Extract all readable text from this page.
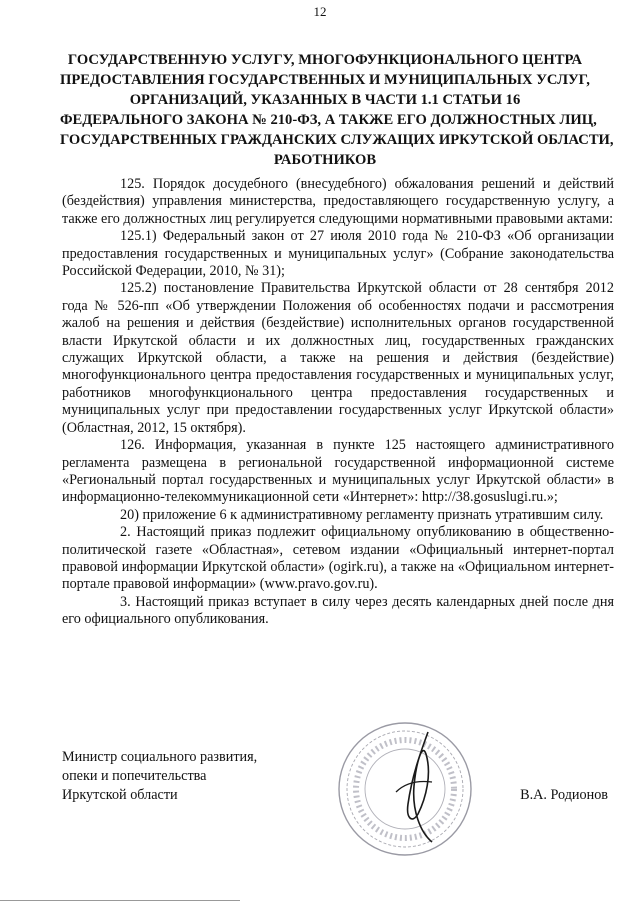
12
ГОСУДАРСТВЕННУЮ УСЛУГУ, МНОГОФУНКЦИОНАЛЬНОГО ЦЕНТРА
ПРЕДОСТАВЛЕНИЯ ГОСУДАРСТВЕННЫХ И МУНИЦИПАЛЬНЫХ УСЛУГ,
ОРГАНИЗАЦИЙ, УКАЗАННЫХ В ЧАСТИ 1.1 СТАТЬИ 16
ФЕДЕРАЛЬНОГО ЗАКОНА № 210-ФЗ, А ТАКЖЕ ЕГО ДОЛЖНОСТНЫХ ЛИЦ,
ГОСУДАРСТВЕННЫХ ГРАЖДАНСКИХ СЛУЖАЩИХ ИРКУТСКОЙ ОБЛАСТИ,
РАБОТНИКОВ

125. Порядок досудебного (внесудебного) обжалования решений и действий (бездействия) управления министерства, предоставляющего государственную услугу, а также его должностных лиц регулируется следующими нормативными правовыми актами:

125.1) Федеральный закон от 27 июля 2010 года № 210-ФЗ «Об организации предоставления государственных и муниципальных услуг» (Собрание законодательства Российской Федерации, 2010, № 31);

125.2) постановление Правительства Иркутской области от 28 сентября 2012 года № 526-пп «Об утверждении Положения об особенностях подачи и рассмотрения жалоб на решения и действия (бездействие) исполнительных органов государственной власти Иркутской области и их должностных лиц, государственных гражданских служащих Иркутской области, а также на решения и действия (бездействие) многофункционального центра предоставления государственных и муниципальных услуг, работников многофункционального центра предоставления государственных и муниципальных услуг при предоставлении государственных услуг Иркутской области» (Областная, 2012, 15 октября).

126. Информация, указанная в пункте 125 настоящего административного регламента размещена в региональной государственной информационной системе «Региональный портал государственных и муниципальных услуг Иркутской области» в информационно-телекоммуникационной сети «Интернет»: http://38.gosuslugi.ru.»;

20) приложение 6 к административному регламенту признать утратившим силу.

2. Настоящий приказ подлежит официальному опубликованию в общественно-политической газете «Областная», сетевом издании «Официальный интернет-портал правовой информации Иркутской области» (ogirk.ru), а также на «Официальном интернет-портале правовой информации» (www.pravo.gov.ru).

3. Настоящий приказ вступает в силу через десять календарных дней после дня его официального опубликования.

Министр социального развития,
опеки и попечительства
Иркутской области	В.А. Родионов
